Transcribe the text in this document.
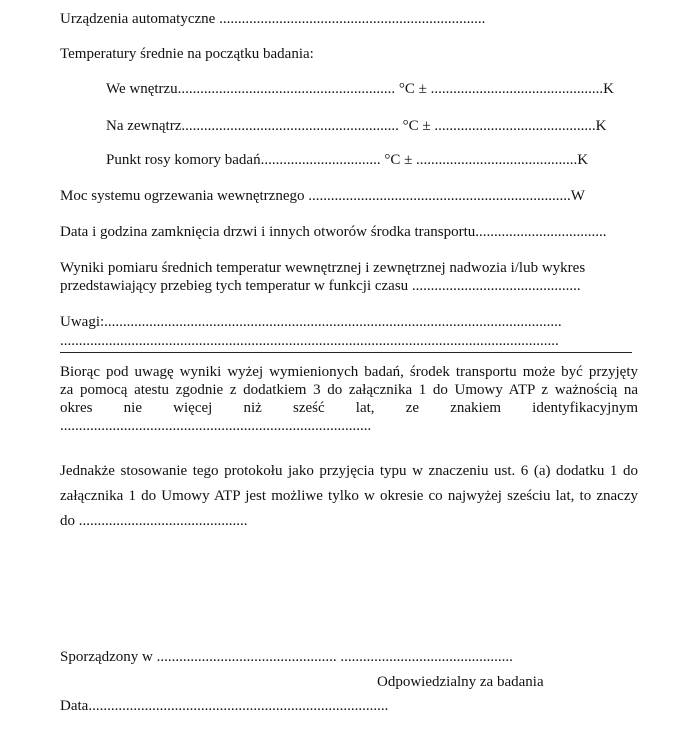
Urządzenia automatyczne .......................................................................
Temperatury średnie na początku badania:
We wnętrzu.......................................................... °C ± ..............................................K
Na zewnątrz.......................................................... °C ± ...........................................K
Punkt rosy komory badań................................ °C ± ...........................................K
Moc systemu ogrzewania wewnętrznego ......................................................................W
Data i godzina zamknięcia drzwi i innych otworów środka transportu...................................
Wyniki pomiaru średnich temperatur wewnętrznej i zewnętrznej nadwozia i/lub wykres
przedstawiający przebieg tych temperatur w funkcji czasu .............................................
Uwagi:..........................................................................................................................
.....................................................................................................................................
Biorąc pod uwagę wyniki wyżej wymienionych badań, środek transportu może być przyjęty
za pomocą atestu zgodnie z dodatkiem 3 do załącznika 1 do Umowy ATP z ważnością na
okres nie więcej niż sześć lat, ze znakiem identyfikacyjnym
...................................................................................
Jednakże stosowanie tego protokołu jako przyjęcia typu w znaczeniu ust. 6 (a) dodatku 1 do
załącznika 1 do Umowy ATP jest możliwe tylko w okresie co najwyżej sześciu lat, to znaczy
do .............................................
Sporządzony w ................................................ ..............................................
Odpowiedzialny za badania
Data................................................................................
